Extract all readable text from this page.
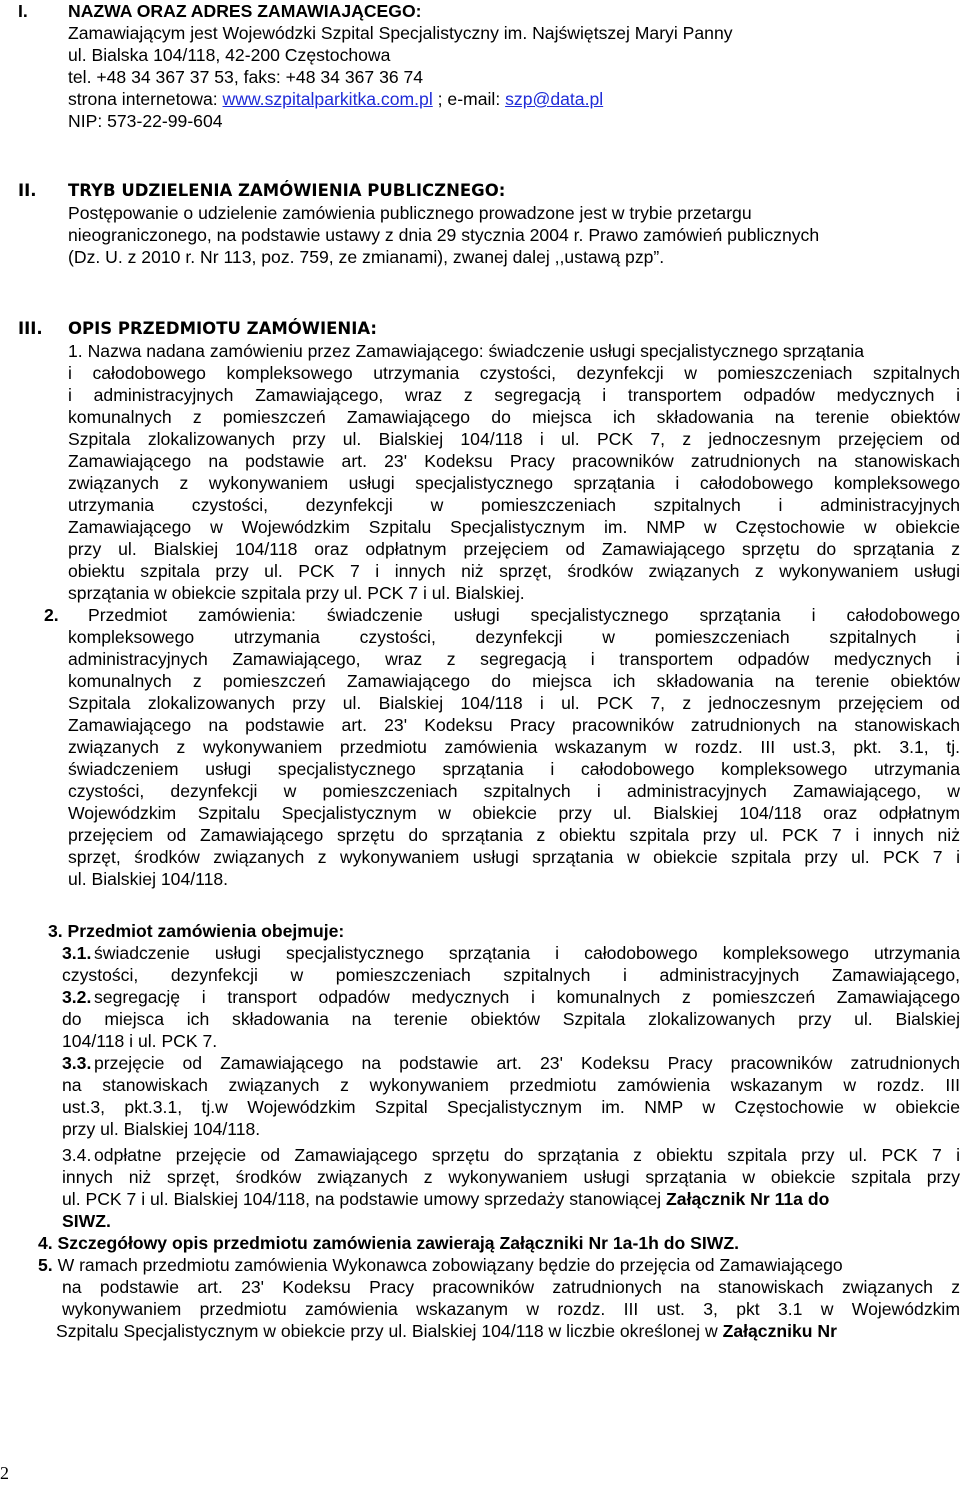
I. NAZWA ORAZ ADRES ZAMAWIAJĄCEGO:
Zamawiającym jest Wojewódzki Szpital Specjalistyczny im. Najświętszej Maryi Panny
ul. Bialska 104/118, 42-200 Częstochowa
tel. +48 34 367 37 53, faks: +48 34 367 36 74
strona internetowa: www.szpitalparkitka.com.pl ; e-mail: szp@data.pl
NIP: 573-22-99-604
II. TRYB UDZIELENIA ZAMÓWIENIA PUBLICZNEGO:
Postępowanie o udzielenie zamówienia publicznego prowadzone jest w trybie przetargu
nieograniczonego, na podstawie ustawy z dnia 29 stycznia 2004 r. Prawo zamówień publicznych
(Dz. U. z 2010 r. Nr 113, poz. 759, ze zmianami), zwanej dalej ,,ustawą pzp”.
III. OPIS PRZEDMIOTU ZAMÓWIENIA:
1. Nazwa nadana zamówieniu przez Zamawiającego: świadczenie usługi specjalistycznego sprzątania
i całodobowego kompleksowego utrzymania czystości, dezynfekcji w pomieszczeniach szpitalnych
i administracyjnych Zamawiającego, wraz z segregacją i transportem odpadów medycznych i
komunalnych z pomieszczeń Zamawiającego do miejsca ich składowania na terenie obiektów
Szpitala zlokalizowanych przy ul. Bialskiej 104/118 i ul. PCK 7, z jednoczesnym przejęciem od
Zamawiającego na podstawie art. 23' Kodeksu Pracy pracowników zatrudnionych na stanowiskach
związanych z wykonywaniem usługi specjalistycznego sprzątania i całodobowego kompleksowego
utrzymania czystości, dezynfekcji w pomieszczeniach szpitalnych i administracyjnych
Zamawiającego w Wojewódzkim Szpitalu Specjalistycznym im. NMP w Częstochowie w obiekcie
przy ul. Bialskiej 104/118 oraz odpłatnym przejęciem od Zamawiającego sprzętu do sprzątania z
obiektu szpitala przy ul. PCK 7 i innych niż sprzęt, środków związanych z wykonywaniem usługi
sprzątania w obiekcie szpitala przy ul. PCK 7 i ul. Bialskiej.
2. Przedmiot zamówienia: świadczenie usługi specjalistycznego sprzątania i całodobowego
kompleksowego utrzymania czystości, dezynfekcji w pomieszczeniach szpitalnych i
administracyjnych Zamawiającego, wraz z segregacją i transportem odpadów medycznych i
komunalnych z pomieszczeń Zamawiającego do miejsca ich składowania na terenie obiektów
Szpitala zlokalizowanych przy ul. Bialskiej 104/118 i ul. PCK 7, z jednoczesnym przejęciem od
Zamawiającego na podstawie art. 23' Kodeksu Pracy pracowników zatrudnionych na stanowiskach
związanych z wykonywaniem przedmiotu zamówienia wskazanym w rozdz. III ust.3, pkt. 3.1, tj.
świadczeniem usługi specjalistycznego sprzątania i całodobowego kompleksowego utrzymania
czystości, dezynfekcji w pomieszczeniach szpitalnych i administracyjnych Zamawiającego, w
Wojewódzkim Szpitalu Specjalistycznym w obiekcie przy ul. Bialskiej 104/118 oraz odpłatnym
przejęciem od Zamawiającego sprzętu do sprzątania z obiektu szpitala przy ul. PCK 7 i innych niż
sprzęt, środków związanych z wykonywaniem usługi sprzątania w obiekcie szpitala przy ul. PCK 7 i
ul. Bialskiej 104/118.
3. Przedmiot zamówienia obejmuje:
3.1. świadczenie usługi specjalistycznego sprzątania i całodobowego kompleksowego utrzymania
czystości, dezynfekcji w pomieszczeniach szpitalnych i administracyjnych Zamawiającego,
3.2. segregację i transport odpadów medycznych i komunalnych z pomieszczeń Zamawiającego
do miejsca ich składowania na terenie obiektów Szpitala zlokalizowanych przy ul. Bialskiej
104/118 i ul. PCK 7.
3.3. przejęcie od Zamawiającego na podstawie art. 23' Kodeksu Pracy pracowników zatrudnionych
na stanowiskach związanych z wykonywaniem przedmiotu zamówienia wskazanym w rozdz. III
ust.3, pkt.3.1, tj.w Wojewódzkim Szpital Specjalistycznym im. NMP w Częstochowie w obiekcie
przy ul. Bialskiej 104/118.
3.4. odpłatne przejęcie od Zamawiającego sprzętu do sprzątania z obiektu szpitala przy ul. PCK 7 i
innych niż sprzęt, środków związanych z wykonywaniem usługi sprzątania w obiekcie szpitala przy
ul. PCK 7 i ul. Bialskiej 104/118, na podstawie umowy sprzedaży stanowiącej Załącznik Nr 11a do
SIWZ.
4. Szczegółowy opis przedmiotu zamówienia zawierają Załączniki Nr 1a-1h do SIWZ.
5. W ramach przedmiotu zamówienia Wykonawca zobowiązany będzie do przejęcia od Zamawiającego
na podstawie art. 23' Kodeksu Pracy pracowników zatrudnionych na stanowiskach związanych z
wykonywaniem przedmiotu zamówienia wskazanym w rozdz. III ust. 3, pkt 3.1 w Wojewódzkim
Szpitalu Specjalistycznym w obiekcie przy ul. Bialskiej 104/118 w liczbie określonej w Załączniku Nr
2
